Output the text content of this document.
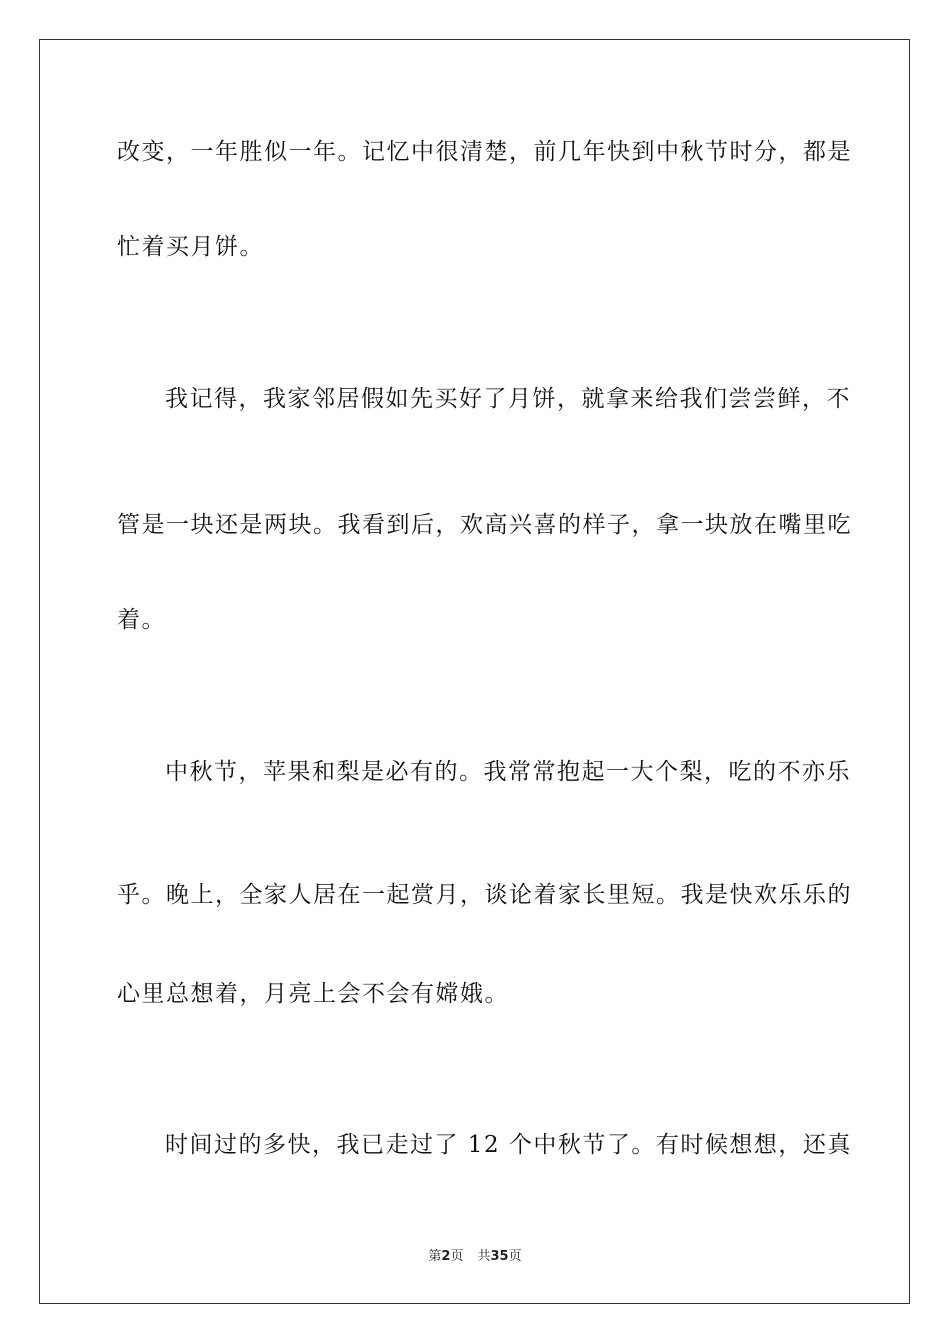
改变，一年胜似一年。记忆中很清楚，前几年快到中秋节时分，都是
忙着买月饼。
我记得，我家邻居假如先买好了月饼，就拿来给我们尝尝鲜，不
管是一块还是两块。我看到后，欢高兴喜的样子，拿一块放在嘴里吃
着。
中秋节，苹果和梨是必有的。我常常抱起一大个梨，吃的不亦乐
乎。晚上，全家人居在一起赏月，谈论着家长里短。我是快欢乐乐的
心里总想着，月亮上会不会有嫦娥。
时间过的多快，我已走过了 12 个中秋节了。有时候想想，还真
第2页 共35页
